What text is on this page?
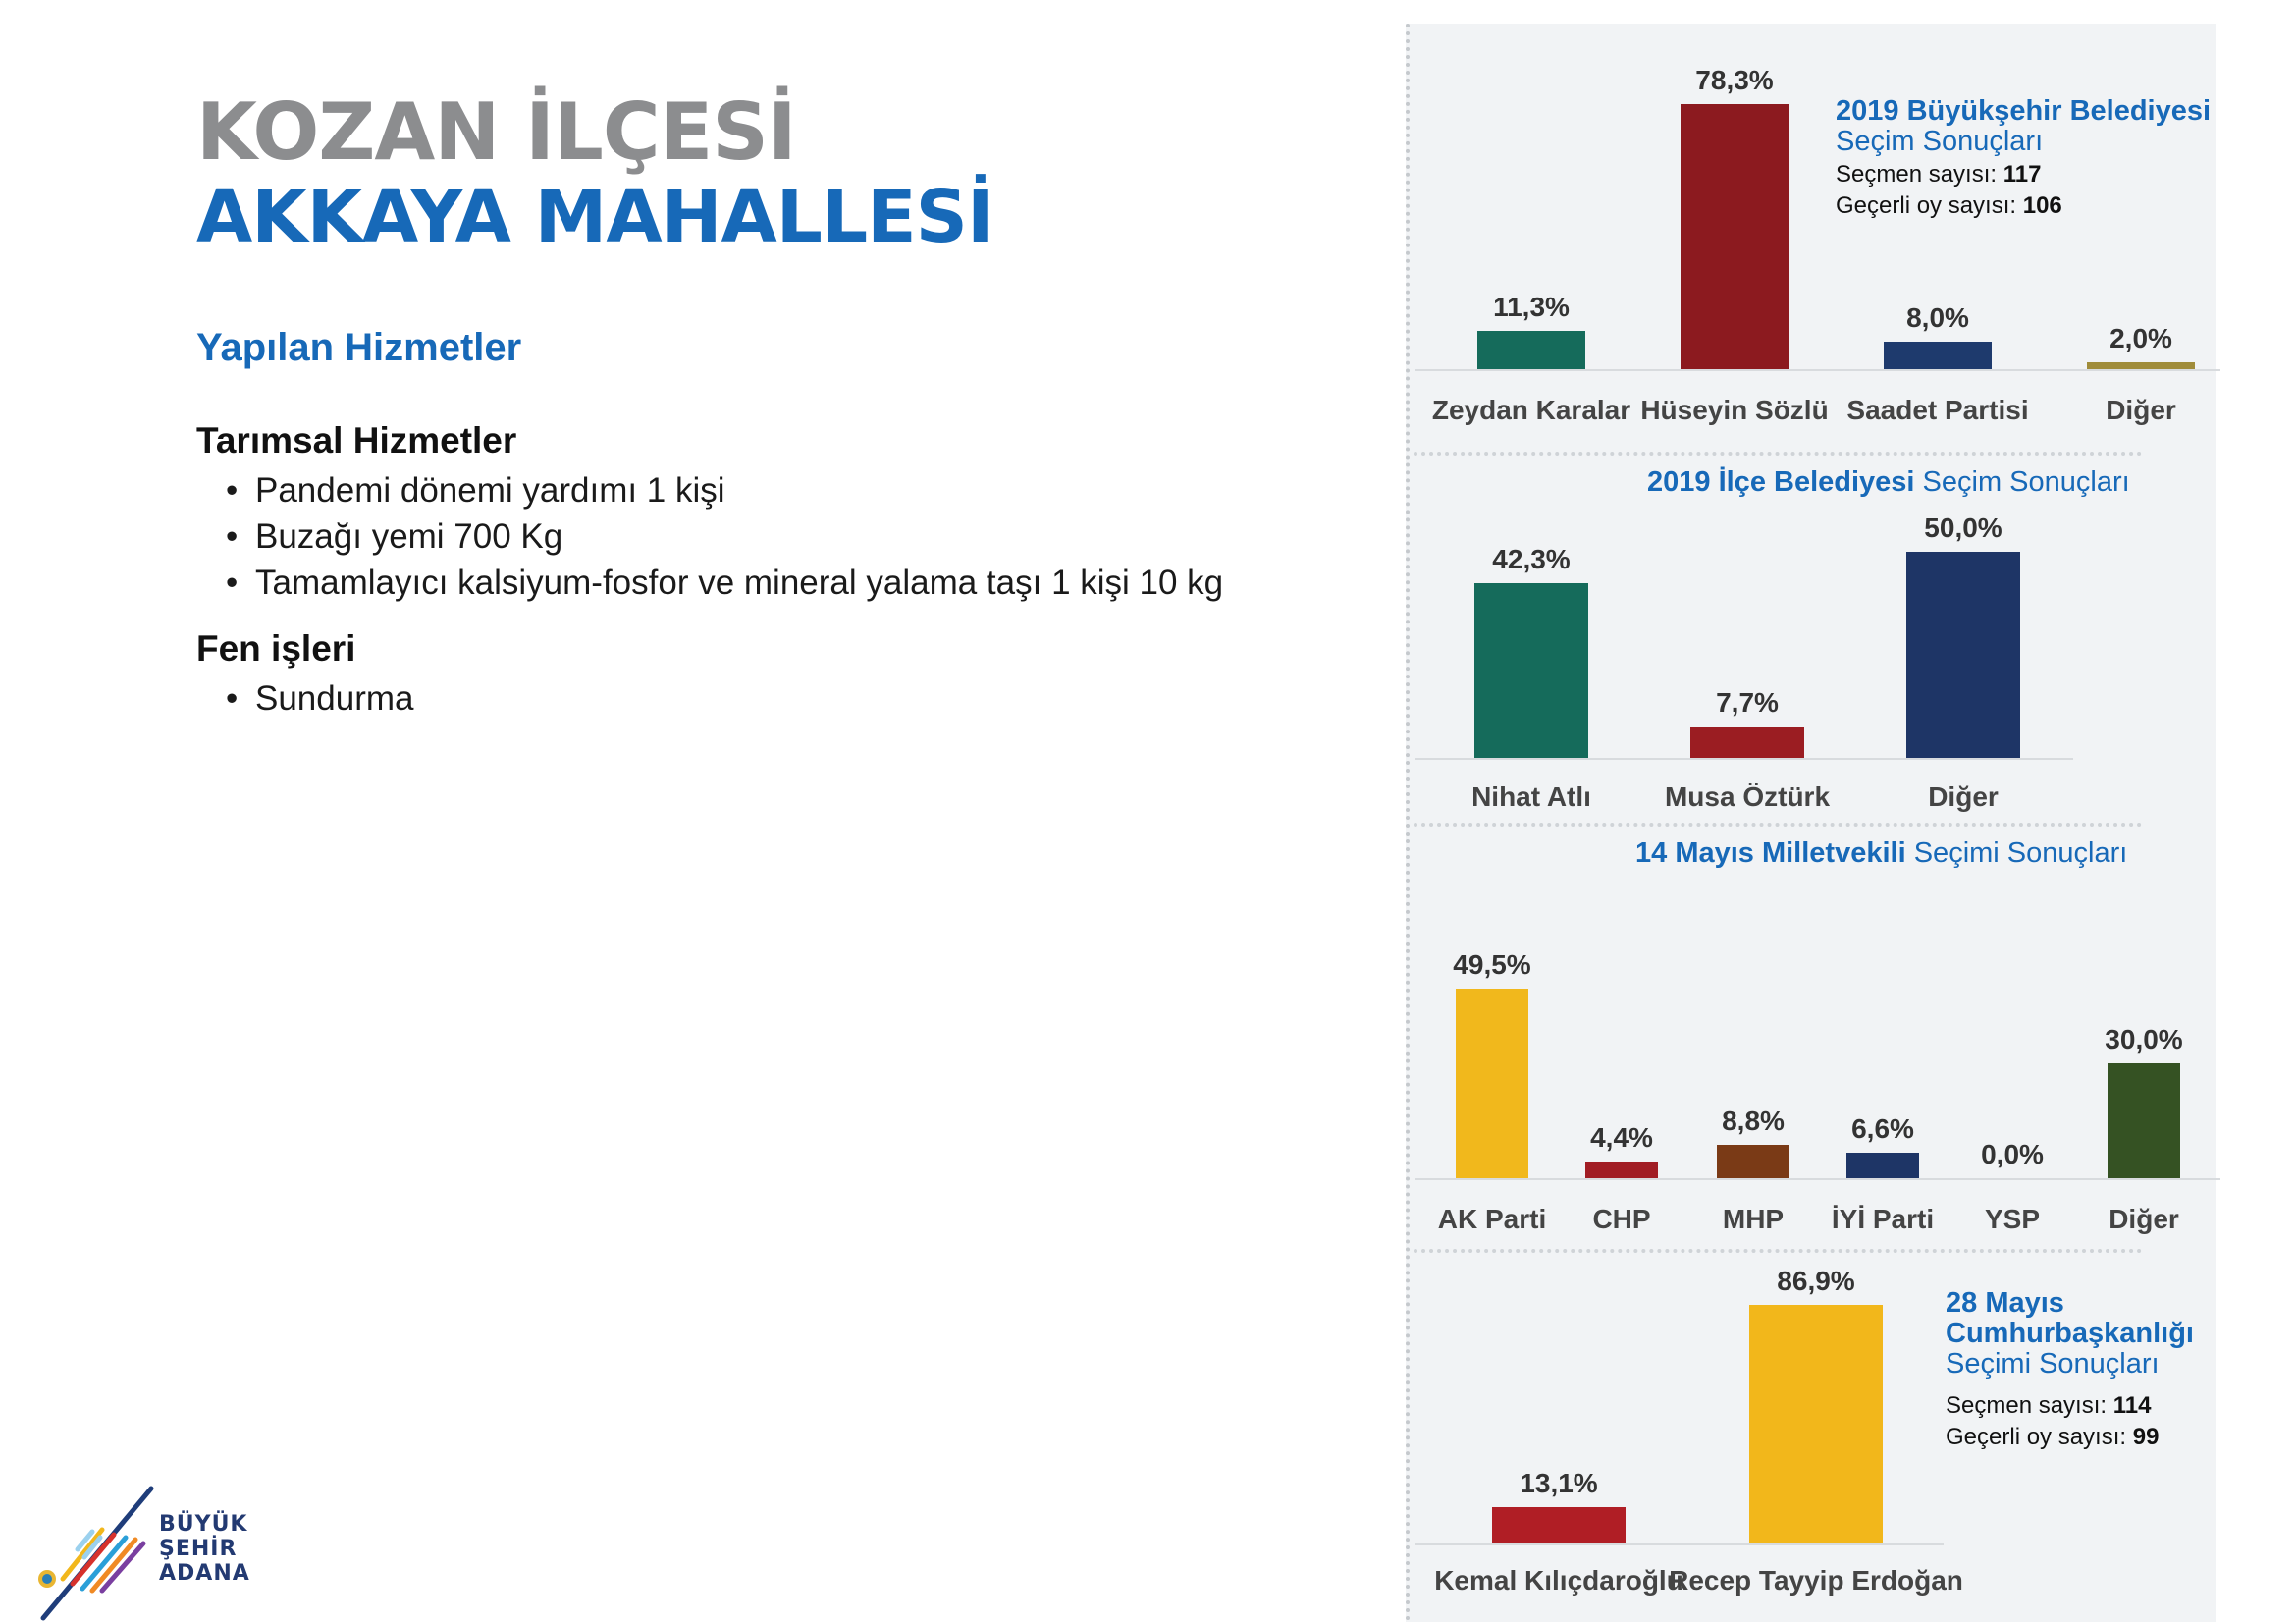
KOZAN İLÇESİ
AKKAYA MAHALLESİ
Yapılan Hizmetler
Tarımsal Hizmetler
• Pandemi dönemi yardımı 1 kişi
• Buzağı yemi 700 Kg
• Tamamlayıcı kalsiyum-fosfor ve mineral yalama taşı 1 kişi 10 kg
Fen işleri
• Sundurma
BÜYÜK
ŞEHİR
ADANA
2019 Büyükşehir Belediyesi
Seçim Sonuçları
Seçmen sayısı: 117
Geçerli oy sayısı: 106
2019 İlçe Belediyesi Seçim Sonuçları
14 Mayıs Milletvekili Seçimi Sonuçları
28 Mayıs
Cumhurbaşkanlığı
Seçimi Sonuçları
Seçmen sayısı: 114
Geçerli oy sayısı: 99
11,3%
Zeydan Karalar
78,3%
Hüseyin Sözlü
8,0%
Saadet Partisi
2,0%
Diğer
42,3%
Nihat Atlı
7,7%
Musa Öztürk
50,0%
Diğer
49,5%
AK Parti
4,4%
CHP
8,8%
MHP
6,6%
İYİ Parti
0,0%
YSP
30,0%
Diğer
13,1%
Kemal Kılıçdaroğlu
86,9%
Recep Tayyip Erdoğan
